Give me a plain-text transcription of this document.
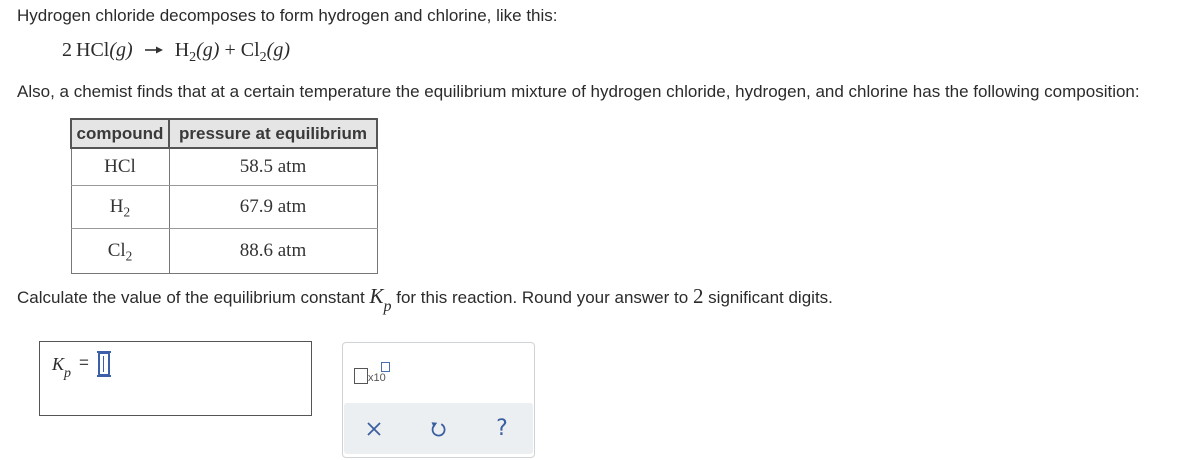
Hydrogen chloride decomposes to form hydrogen and chlorine, like this:
2  $HCl(g) \to H_2(g) + Cl_2(g)$
Also, a chemist finds that at a certain temperature the equilibrium mixture of hydrogen chloride, hydrogen, and chlorine has the following composition:
compound	pressure at equilibrium
HCl	58.5 atm
$H_2$	67.9 atm
$Cl_2$	88.6 atm
Calculate the value of the equilibrium constant $K_p$ for this reaction. Round your answer to 2 significant digits.
$K_p$
=
x10
?
